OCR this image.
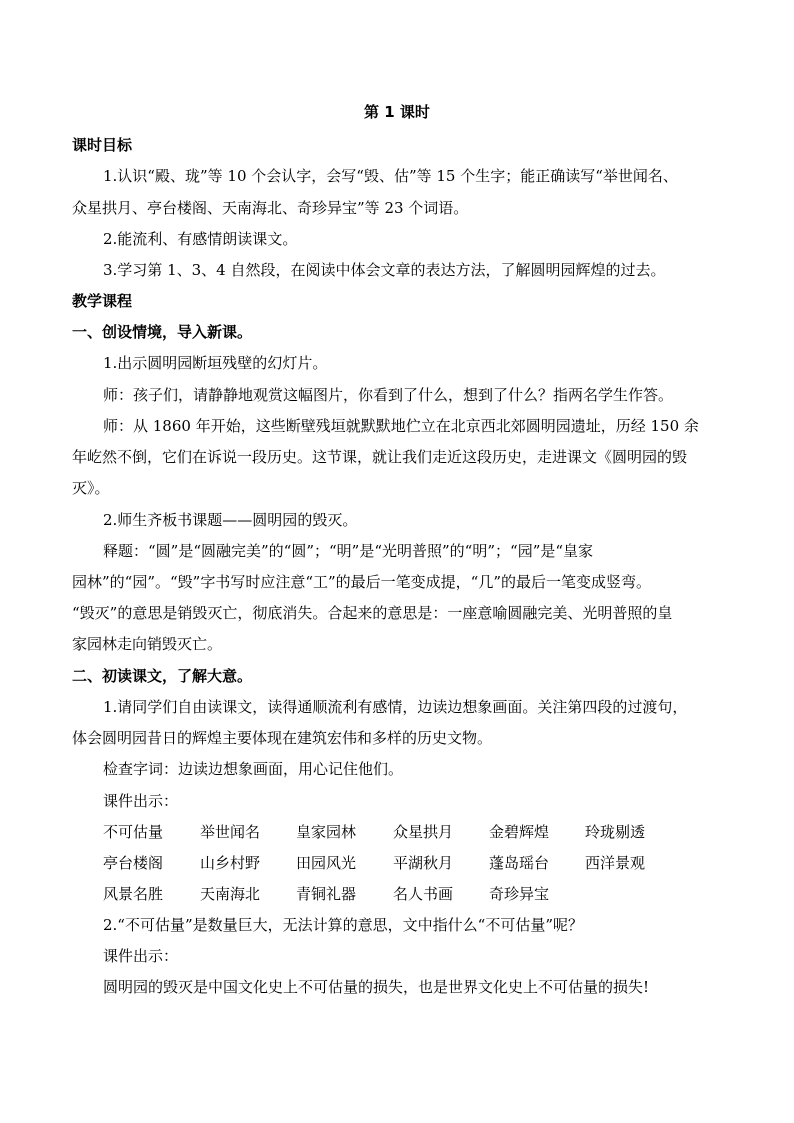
第 1 课时
课时目标
1.认识“殿、珑”等 10 个会认字，会写“毁、估”等 15 个生字；能正确读写“举世闻名、
众星拱月、亭台楼阁、天南海北、奇珍异宝”等 23 个词语。
2.能流利、有感情朗读课文。
3.学习第 1、3、4 自然段，在阅读中体会文章的表达方法，了解圆明园辉煌的过去。
教学课程
一、创设情境，导入新课。
1.出示圆明园断垣残壁的幻灯片。
师：孩子们，请静静地观赏这幅图片，你看到了什么，想到了什么？指两名学生作答。
师：从 1860 年开始，这些断壁残垣就默默地伫立在北京西北郊圆明园遗址，历经 150 余
年屹然不倒，它们在诉说一段历史。这节课，就让我们走近这段历史，走进课文《圆明园的毁
灭》。
2.师生齐板书课题——圆明园的毁灭。
释题：“圆”是“圆融完美”的“圆”；“明”是“光明普照”的“明”；“园”是“皇家
园林”的“园”。“毁”字书写时应注意“工”的最后一笔变成提，“几”的最后一笔变成竖弯。
“毁灭”的意思是销毁灭亡，彻底消失。合起来的意思是：一座意喻圆融完美、光明普照的皇
家园林走向销毁灭亡。
二、初读课文，了解大意。
1.请同学们自由读课文，读得通顺流利有感情，边读边想象画面。关注第四段的过渡句，
体会圆明园昔日的辉煌主要体现在建筑宏伟和多样的历史文物。
检查字词：边读边想象画面，用心记住他们。
课件出示：
不可估量 举世闻名 皇家园林 众星拱月 金碧辉煌 玲珑剔透
亭台楼阁 山乡村野 田园风光 平湖秋月 蓬岛瑶台 西洋景观
风景名胜 天南海北 青铜礼器 名人书画 奇珍异宝
2.“不可估量”是数量巨大，无法计算的意思，文中指什么“不可估量”呢？
课件出示：
圆明园的毁灭是中国文化史上不可估量的损失，也是世界文化史上不可估量的损失!
